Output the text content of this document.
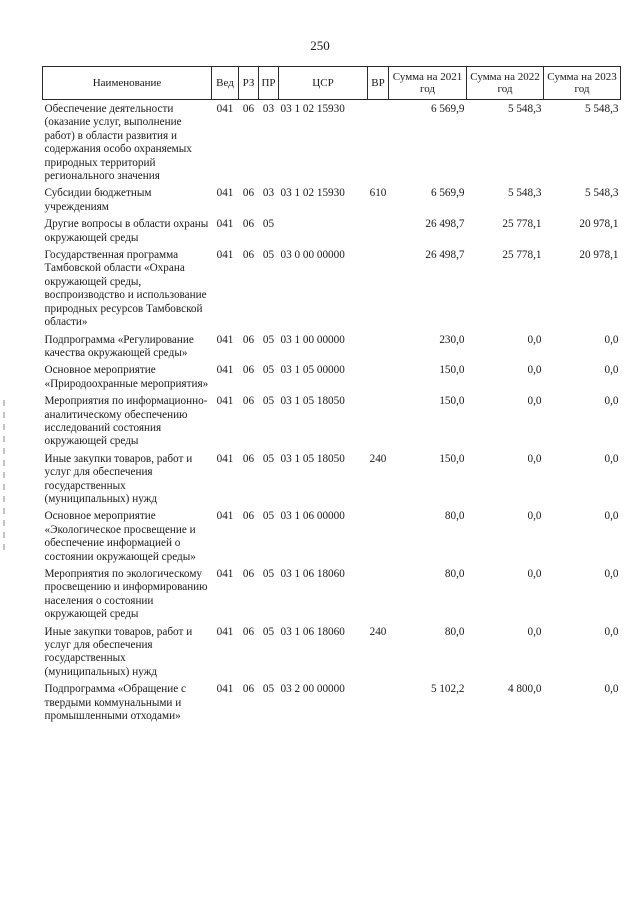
250
Наименование	Вед	РЗ	ПР	ЦСР	ВР	Сумма на 2021 год	Сумма на 2022 год	Сумма на 2023 год
Обеспечение деятельности (оказание услуг, выполнение работ) в области развития и содержания особо охраняемых природных территорий регионального значения	041	06	03	03 1 02 15930		6 569,9	5 548,3	5 548,3
Субсидии бюджетным учреждениям	041	06	03	03 1 02 15930	610	6 569,9	5 548,3	5 548,3
Другие вопросы в области охраны окружающей среды	041	06	05			26 498,7	25 778,1	20 978,1
Государственная программа Тамбовской области «Охрана окружающей среды, воспроизводство и использование природных ресурсов Тамбовской области»	041	06	05	03 0 00 00000		26 498,7	25 778,1	20 978,1
Подпрограмма «Регулирование качества окружающей среды»	041	06	05	03 1 00 00000		230,0	0,0	0,0
Основное мероприятие «Природоохранные мероприятия»	041	06	05	03 1 05 00000		150,0	0,0	0,0
Мероприятия по информационно-аналитическому обеспечению исследований состояния окружающей среды	041	06	05	03 1 05 18050		150,0	0,0	0,0
Иные закупки товаров, работ и услуг для обеспечения государственных (муниципальных) нужд	041	06	05	03 1 05 18050	240	150,0	0,0	0,0
Основное мероприятие «Экологическое просвещение и обеспечение информацией о состоянии окружающей среды»	041	06	05	03 1 06 00000		80,0	0,0	0,0
Мероприятия по экологическому просвещению и информированию населения о состоянии окружающей среды	041	06	05	03 1 06 18060		80,0	0,0	0,0
Иные закупки товаров, работ и услуг для обеспечения государственных (муниципальных) нужд	041	06	05	03 1 06 18060	240	80,0	0,0	0,0
Подпрограмма «Обращение с твердыми коммунальными и промышленными отходами»	041	06	05	03 2 00 00000		5 102,2	4 800,0	0,0
